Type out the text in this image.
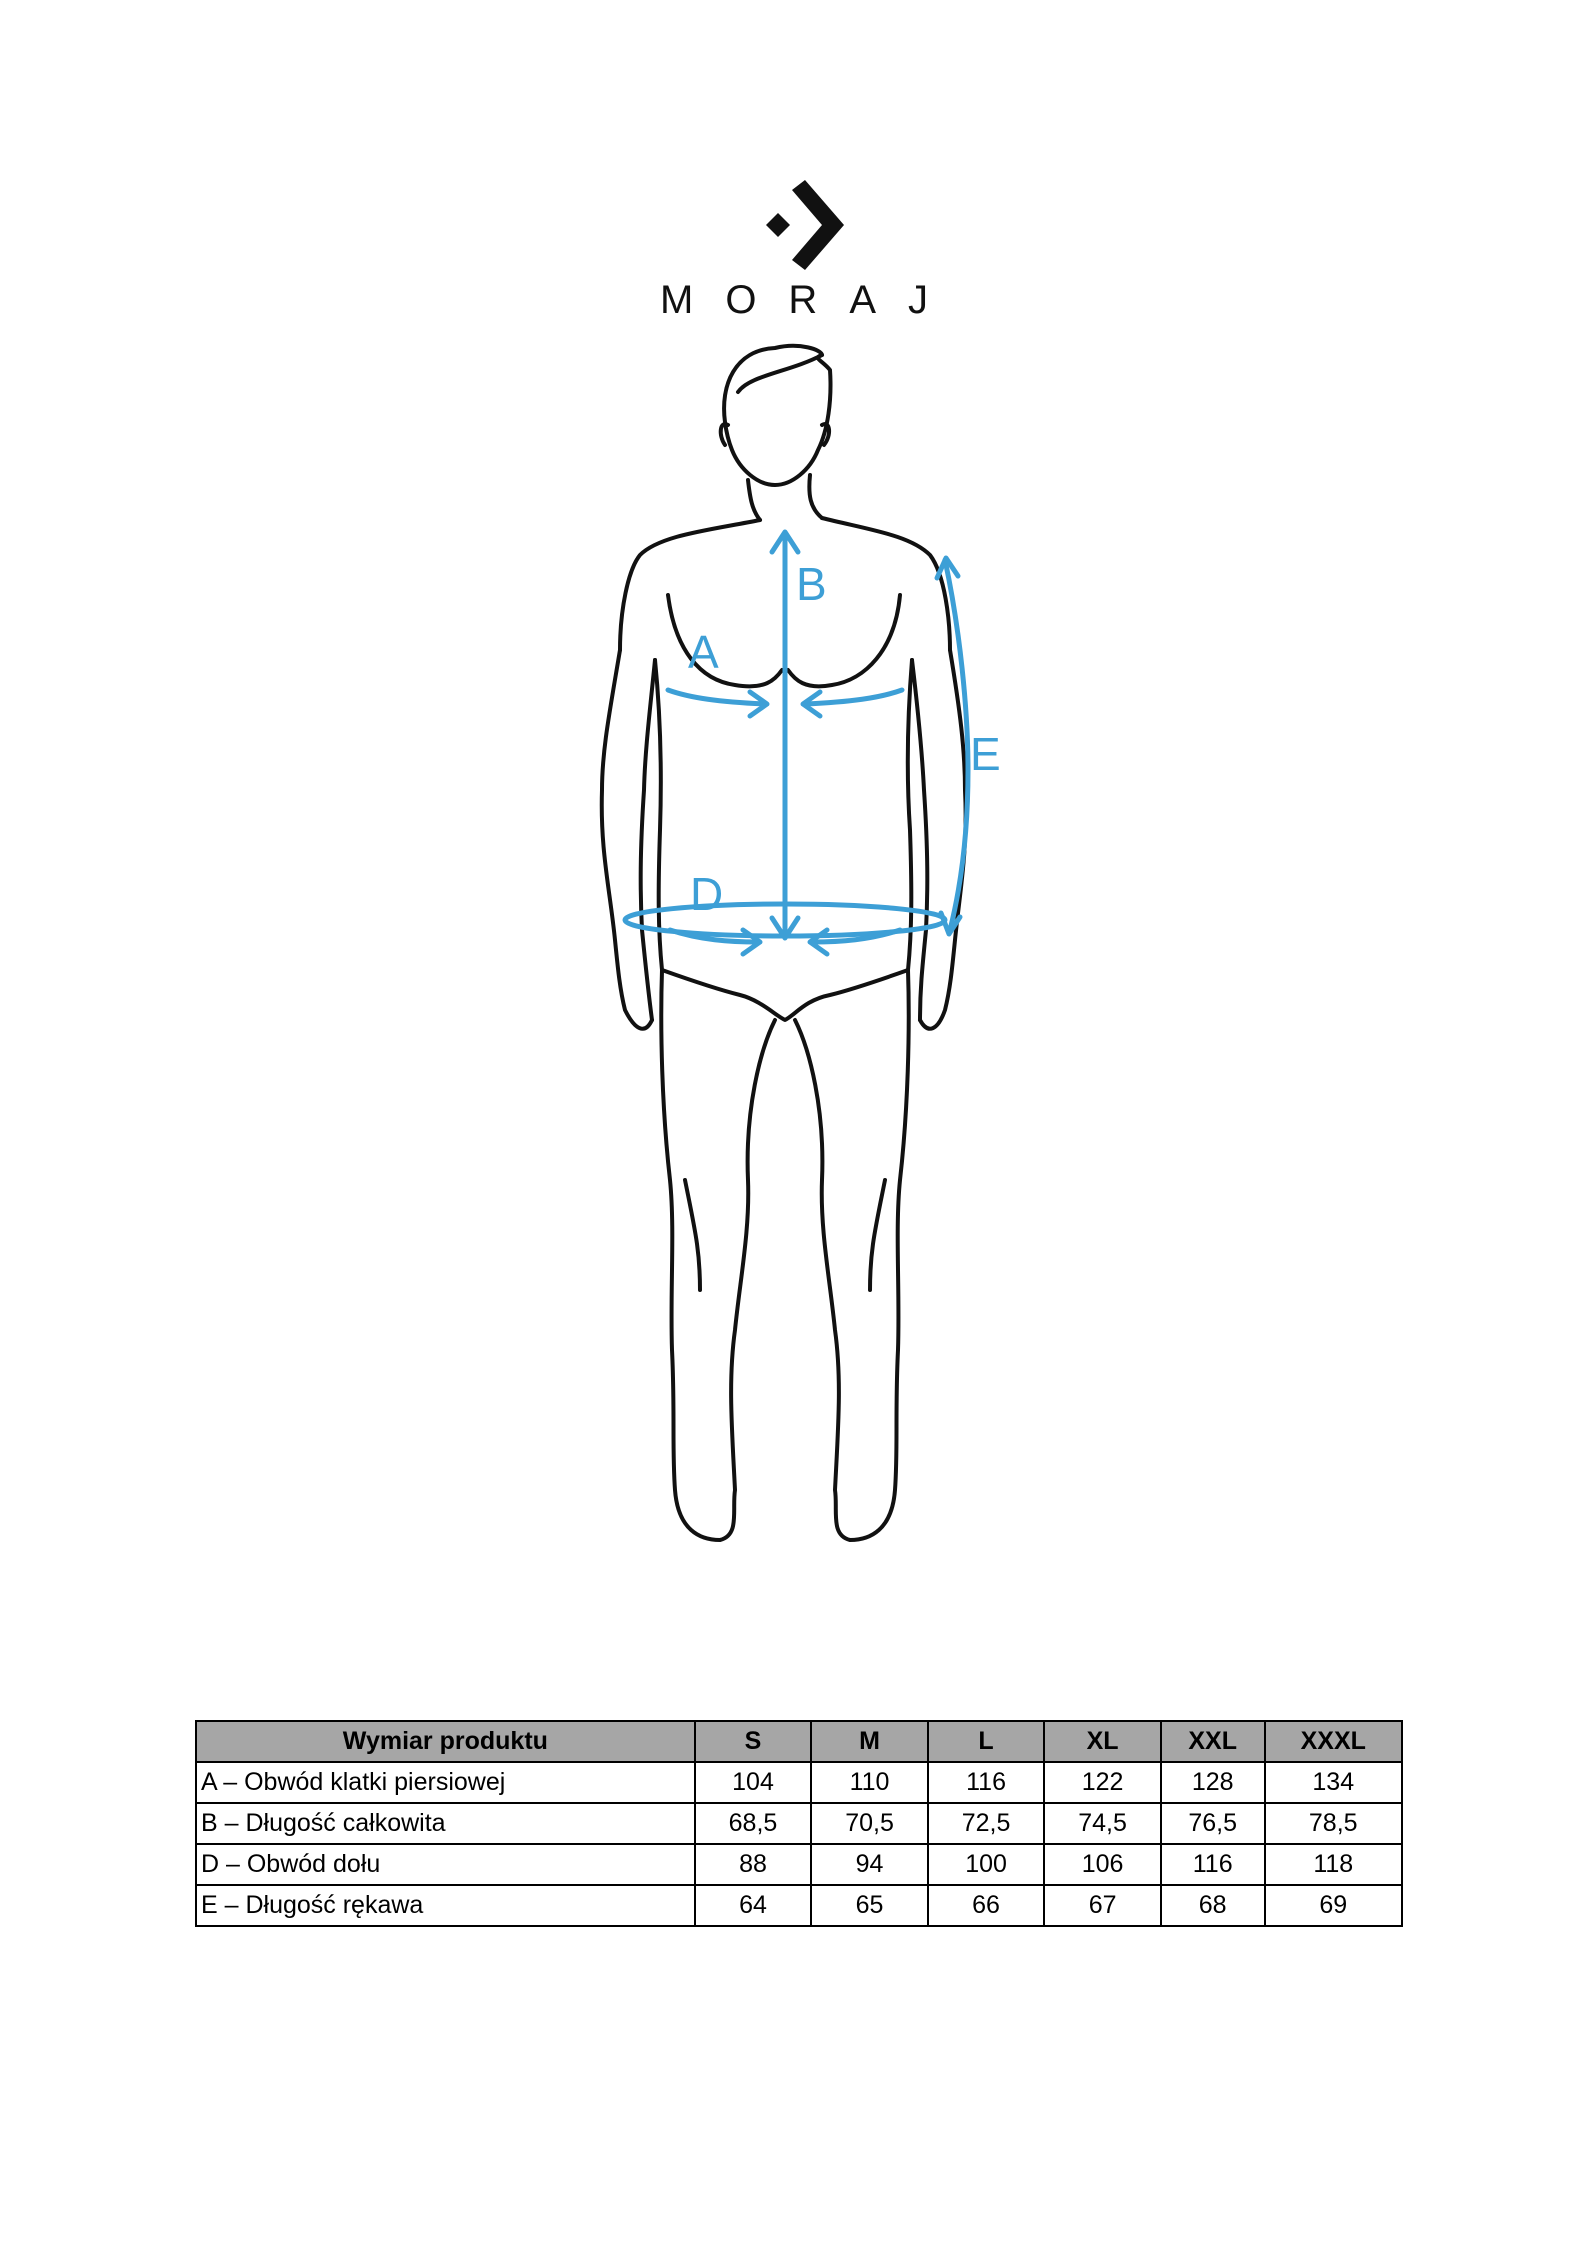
MORAJ
B
A
D
E
Wymiar produktu	S	M	L	XL	XXL	XXXL
A – Obwód klatki piersiowej	104	110	116	122	128	134
B – Długość całkowita	68,5	70,5	72,5	74,5	76,5	78,5
D – Obwód dołu	88	94	100	106	116	118
E – Długość rękawa	64	65	66	67	68	69
